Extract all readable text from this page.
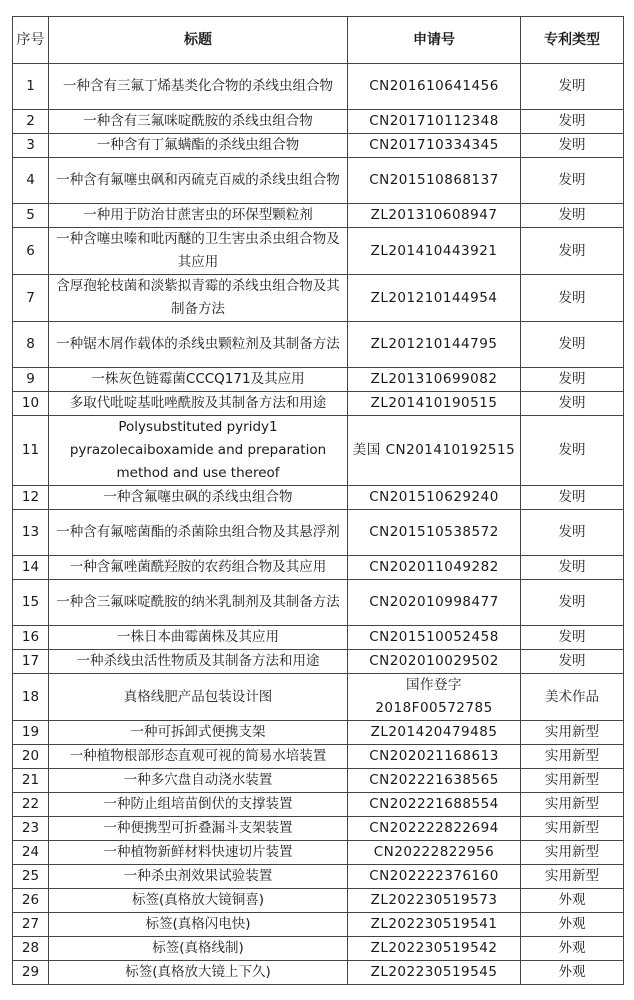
序号	标题	申请号	专利类型
1	一种含有三氟丁烯基类化合物的杀线虫组合物	CN201610641456	发明
2	一种含有三氟咪啶酰胺的杀线虫组合物	CN201710112348	发明
3	一种含有丁氟螨酯的杀线虫组合物	CN201710334345	发明
4	一种含有氟噻虫砜和丙硫克百威的杀线虫组合物	CN201510868137	发明
5	一种用于防治甘蔗害虫的环保型颗粒剂	ZL201310608947	发明
6	一种含噻虫嗪和吡丙醚的卫生害虫杀虫组合物及其应用	ZL201410443921	发明
7	含厚孢轮枝菌和淡紫拟青霉的杀线虫组合物及其制备方法	ZL201210144954	发明
8	一种锯木屑作载体的杀线虫颗粒剂及其制备方法	ZL201210144795	发明
9	一株灰色链霉菌CCCQ171及其应用	ZL201310699082	发明
10	多取代吡啶基吡唑酰胺及其制备方法和用途	ZL201410190515	发明
11	Polysubstituted pyridy1 pyrazolecaiboxamide and preparation method and use thereof	美国 CN201410192515	发明
12	一种含氟噻虫砜的杀线虫组合物	CN201510629240	发明
13	一种含有氟嘧菌酯的杀菌除虫组合物及其悬浮剂	CN201510538572	发明
14	一种含氟唑菌酰羟胺的农药组合物及其应用	CN202011049282	发明
15	一种含三氟咪啶酰胺的纳米乳制剂及其制备方法	CN202010998477	发明
16	一株日本曲霉菌株及其应用	CN201510052458	发明
17	一种杀线虫活性物质及其制备方法和用途	CN202010029502	发明
18	真格线肥产品包装设计图	国作登字 2018F00572785	美术作品
19	一种可拆卸式便携支架	ZL201420479485	实用新型
20	一种植物根部形态直观可视的简易水培装置	CN202021168613	实用新型
21	一种多穴盘自动浇水装置	CN202221638565	实用新型
22	一种防止组培苗倒伏的支撑装置	CN202221688554	实用新型
23	一种便携型可折叠漏斗支架装置	CN202222822694	实用新型
24	一种植物新鲜材料快速切片装置	CN20222822956	实用新型
25	一种杀虫剂效果试验装置	CN202222376160	实用新型
26	标签(真格放大镜铜喜)	ZL202230519573	外观
27	标签(真格闪电快)	ZL202230519541	外观
28	标签(真格线制)	ZL202230519542	外观
29	标签(真格放大镜上下久)	ZL202230519545	外观
